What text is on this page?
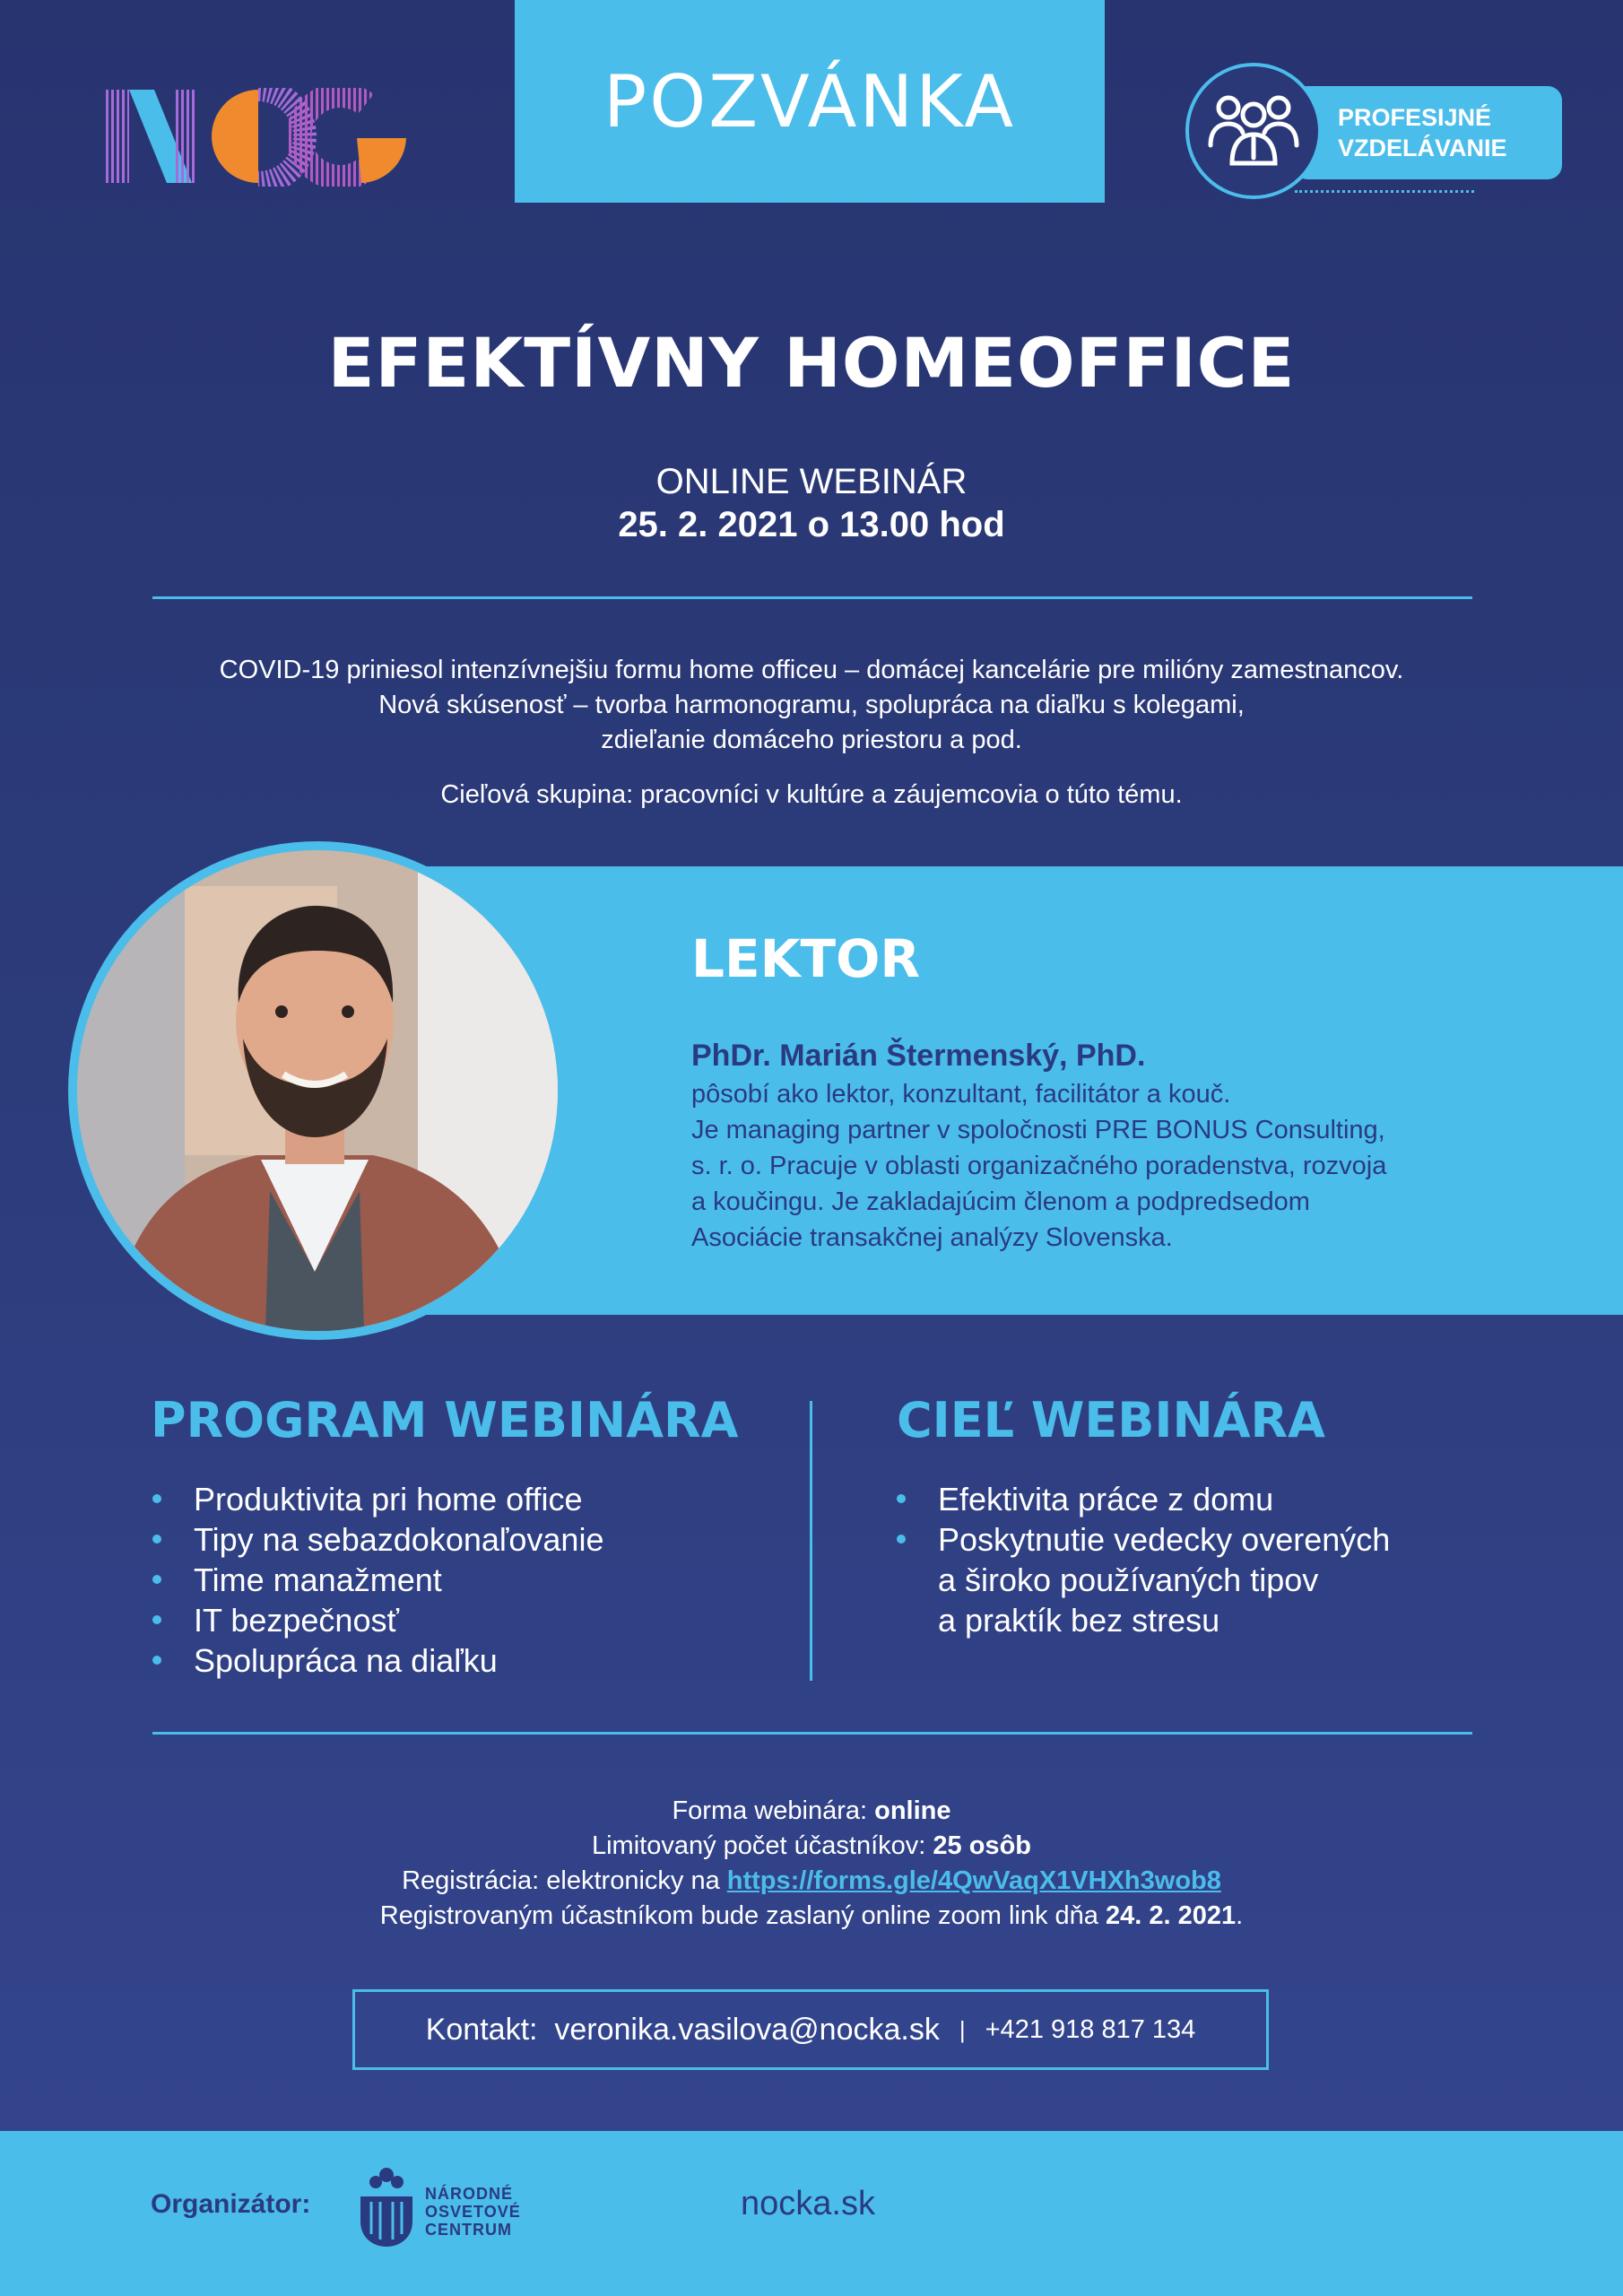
POZVÁNKA	PROFESIJNÉ
VZDELÁVANIE
EFEKTÍVNY HOMEOFFICE
ONLINE WEBINÁR
25. 2. 2021 o 13.00 hod
COVID-19 priniesol intenzívnejšiu formu home officeu – domácej kancelárie pre milióny zamestnancov.
Nová skúsenosť – tvorba harmonogramu, spolupráca na diaľku s kolegami,
zdieľanie domáceho priestoru a pod.
Cieľová skupina: pracovníci v kultúre a záujemcovia o túto tému.
LEKTOR
PhDr. Marián Štermenský, PhD.
pôsobí ako lektor, konzultant, facilitátor a kouč.
Je managing partner v spoločnosti PRE BONUS Consulting,
s. r. o. Pracuje v oblasti organizačného poradenstva, rozvoja
a koučingu. Je zakladajúcim členom a podpredsedom
Asociácie transakčnej analýzy Slovenska.
PROGRAM WEBINÁRA
Produktivita pri home office
Tipy na sebazdokonaľovanie
Time manažment
IT bezpečnosť
Spolupráca na diaľku
CIEĽ WEBINÁRA
Efektivita práce z domu
Poskytnutie vedecky overených
a široko používaných tipov
a praktík bez stresu
Forma webinára: online
Limitovaný počet účastníkov: 25 osôb
Registrácia: elektronicky na https://forms.gle/4QwVaqX1VHXh3wob8
Registrovaným účastníkom bude zaslaný online zoom link dňa 24. 2. 2021.
Kontakt:
veronika.vasilova@nocka.sk | +421 918 817 134
Organizátor:	NÁRODNÉ
OSVETOVÉ
CENTRUM
nocka.sk
